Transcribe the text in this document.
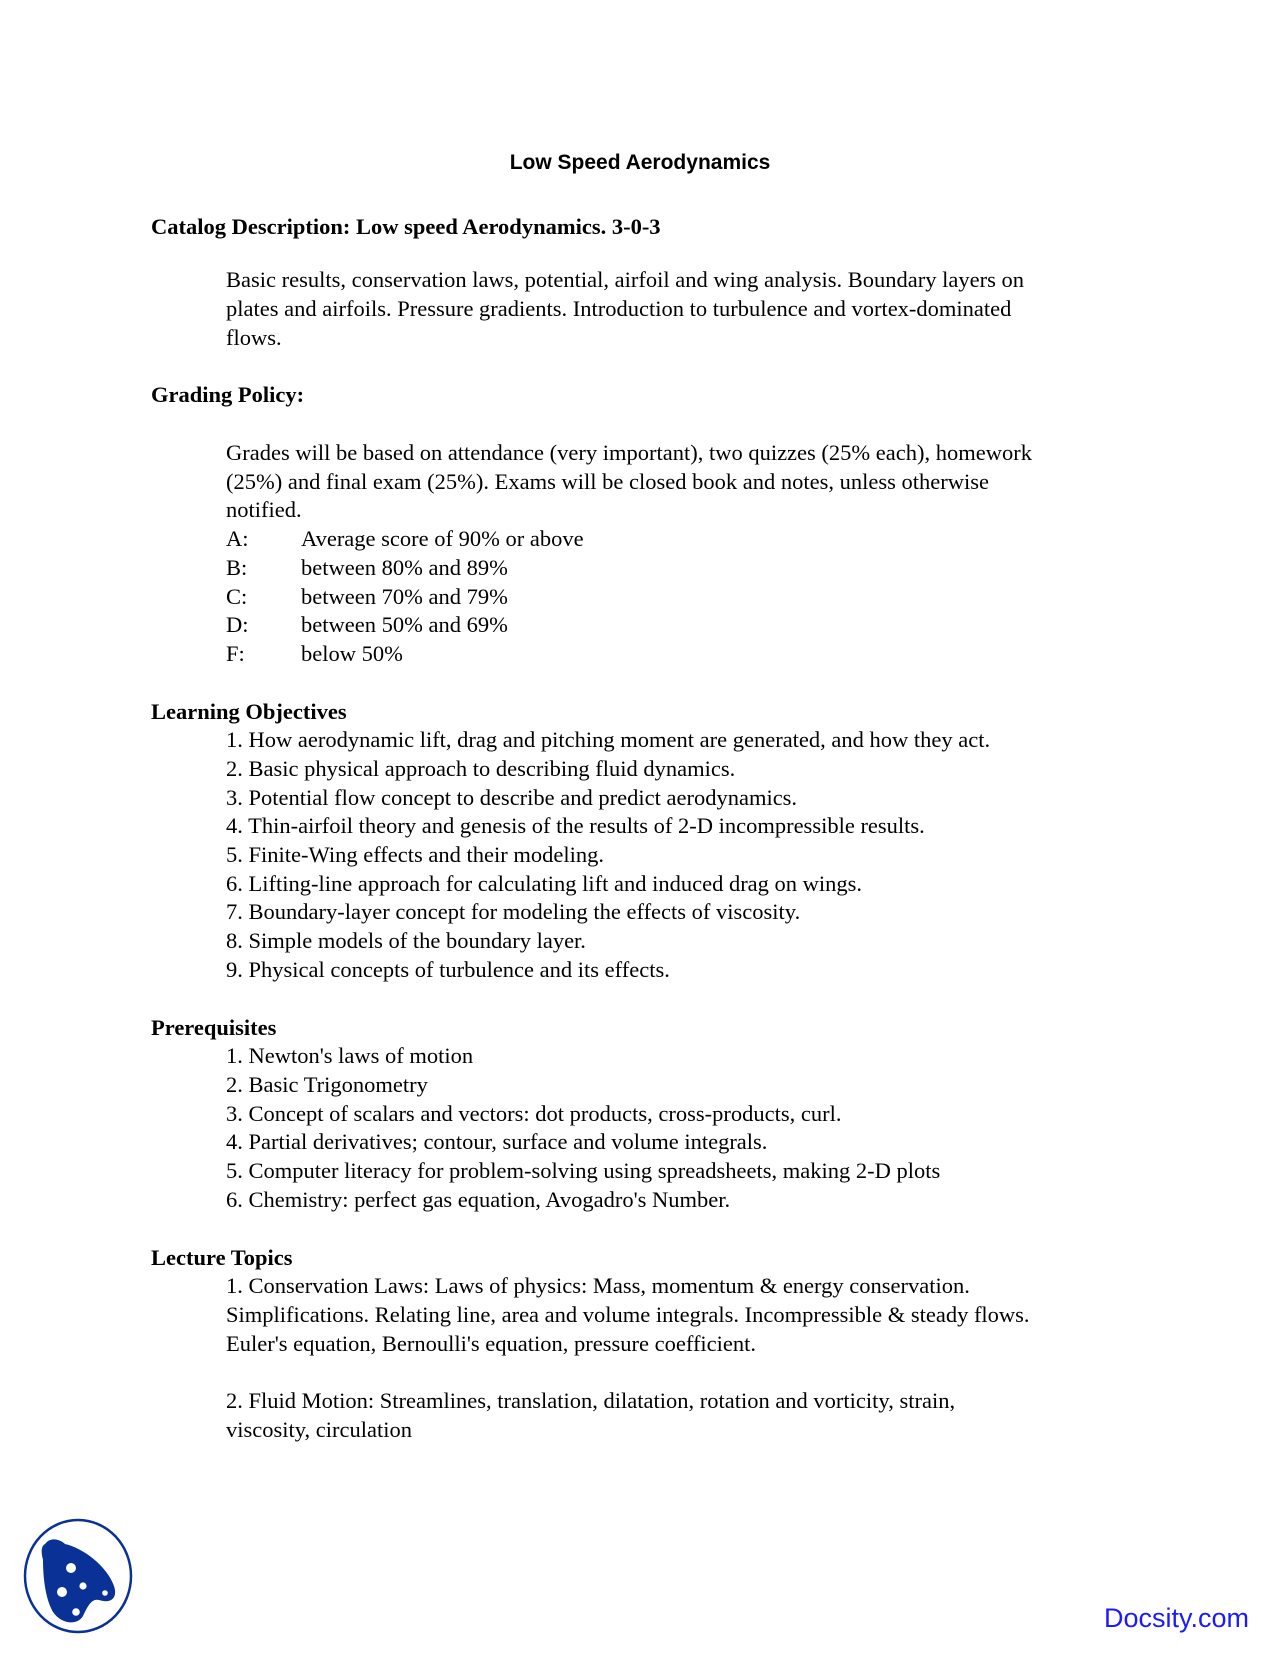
Low Speed Aerodynamics
Catalog Description: Low speed Aerodynamics. 3-0-3
Basic results, conservation laws, potential, airfoil and wing analysis. Boundary layers on
plates and airfoils. Pressure gradients. Introduction to turbulence and vortex-dominated
flows.
Grading Policy:
Grades will be based on attendance (very important), two quizzes (25% each), homework
(25%) and final exam (25%). Exams will be closed book and notes, unless otherwise
notified.
A: Average score of 90% or above
B: between 80% and 89%
C: between 70% and 79%
D: between 50% and 69%
F: below 50%
Learning Objectives
1. How aerodynamic lift, drag and pitching moment are generated, and how they act.
2. Basic physical approach to describing fluid dynamics.
3. Potential flow concept to describe and predict aerodynamics.
4. Thin-airfoil theory and genesis of the results of 2-D incompressible results.
5. Finite-Wing effects and their modeling.
6. Lifting-line approach for calculating lift and induced drag on wings.
7. Boundary-layer concept for modeling the effects of viscosity.
8. Simple models of the boundary layer.
9. Physical concepts of turbulence and its effects.
Prerequisites
1. Newton's laws of motion
2. Basic Trigonometry
3. Concept of scalars and vectors: dot products, cross-products, curl.
4. Partial derivatives; contour, surface and volume integrals.
5. Computer literacy for problem-solving using spreadsheets, making 2-D plots
6. Chemistry: perfect gas equation, Avogadro's Number.
Lecture Topics
1. Conservation Laws: Laws of physics: Mass, momentum & energy conservation.
Simplifications. Relating line, area and volume integrals. Incompressible & steady flows.
Euler's equation, Bernoulli's equation, pressure coefficient.
2. Fluid Motion: Streamlines, translation, dilatation, rotation and vorticity, strain,
viscosity, circulation
Docsity.com
